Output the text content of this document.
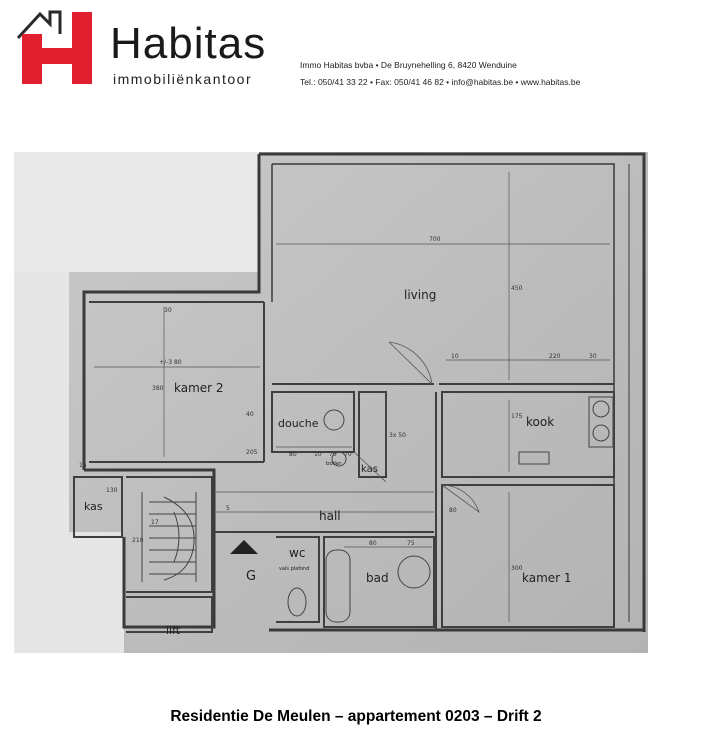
Habitas
immobiliënkantoor
Immo Habitas bvba • De Bruynehelling 6, 8420 Wenduine
Tel.: 050/41 33 22 • Fax: 050/41 46 82 • info@habitas.be • www.habitas.be
living
kamer 2
douche	kook
kas
kas
hall
wc
vals plafond
bad	kamer 1
lift
boiler
G
700
450
220
10	30
175
+/-3 80
380
300
80	10 70 70
3x 50
130
80	75
17
210
15
40
80
5
205
30
Residentie De Meulen – appartement 0203 – Drift 2
